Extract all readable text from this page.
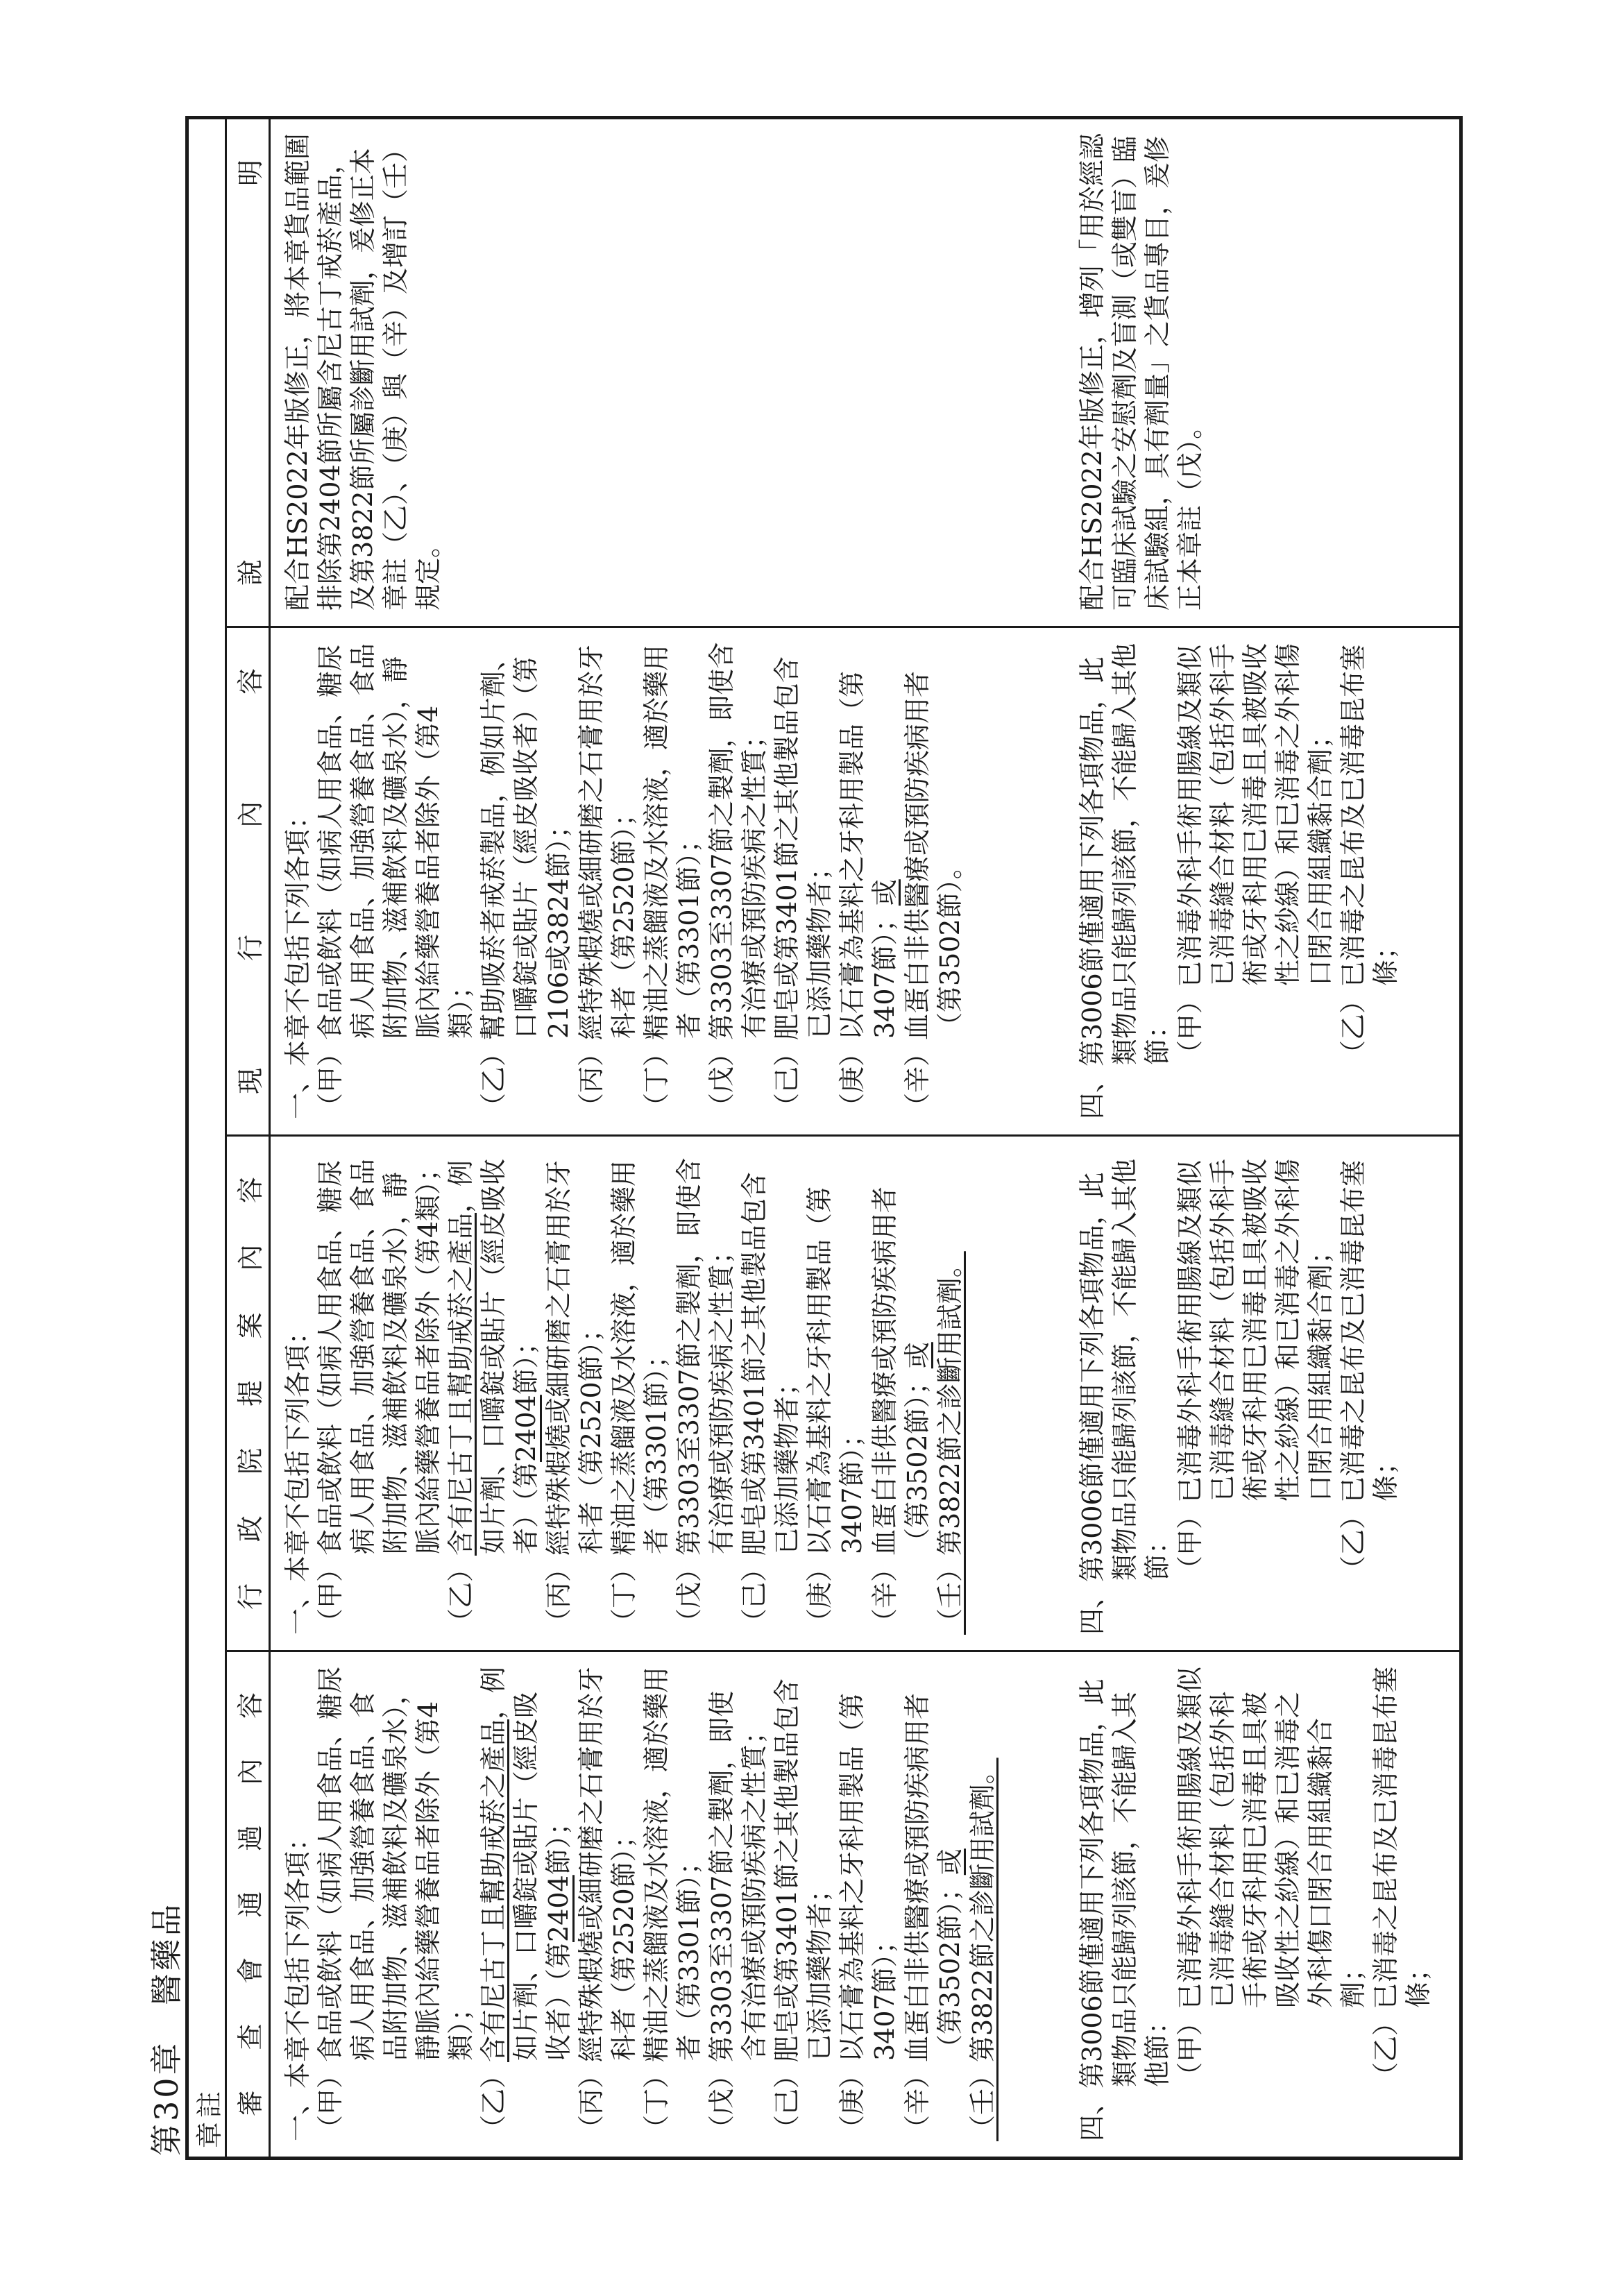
第30章　醫藥品 章註 審
查
會
通
過
內
容
行
政
院
提
案
內
容
現
行
內
容
說
明
一、本章不包括下列各項：
（甲）食品或飲料（如病人用食品、糖尿病人用食品、加強營養食品、食品附加物、滋補飲料及礦泉水），靜脈內給藥營養品者除外（第4類）；
（乙）含有尼古丁且幫助戒菸之產品，例如片劑、口嚼錠或貼片（經皮吸收者）（第2404節）；
（丙）經特殊煆燒或細研磨之石膏用於牙科者（第2520節）；
（丁）精油之蒸餾液及水溶液，適於藥用者（第3301節）；
（戊）第3303至3307節之製劑，即使含有治療或預防疾病之性質；
（己）肥皂或第3401節之其他製品包含已添加藥物者；
（庚）以石膏為基料之牙科用製品（第3407節）；
（辛）血蛋白非供醫療或預防疾病用者（第3502節）；或
（壬）第3822節之診斷用試劑。
四、第3006節僅適用下列各項物品，此類物品只能歸列該節，不能歸入其他節： （甲）已消毒外科手術用腸線及類似已消毒縫合材料（包括外科手術或牙科用已消毒且具被吸收性之紗線）和已消毒之外科傷口閉合用組織黏合劑；
（乙）已消毒之昆布及已消毒昆布塞條；
一、本章不包括下列各項：
（甲）食品或飲料（如病人用食品、糖尿病人用食品、加強營養食品、食品附加物、滋補飲料及礦泉水），靜脈內給藥營養品者除外（第4類）；
（乙）含有尼古丁且幫助戒菸之產品，例如片劑、口嚼錠或貼片（經皮吸收者）（第2404節）；
（丙）經特殊煆燒或細研磨之石膏用於牙科者（第2520節）；
（丁）精油之蒸餾液及水溶液，適於藥用者（第3301節）；
（戊）第3303至3307節之製劑，即使含有治療或預防疾病之性質；
（己）肥皂或第3401節之其他製品包含已添加藥物者；
（庚）以石膏為基料之牙科用製品（第3407節）；
（辛）血蛋白非供醫療或預防疾病用者（第3502節）；或
（壬）第3822節之診斷用試劑。
四、第3006節僅適用下列各項物品，此類物品只能歸列該節，不能歸入其他節： （甲）已消毒外科手術用腸線及類似已消毒縫合材料（包括外科手術或牙科用已消毒且具被吸收性之紗線）和已消毒之外科傷口閉合用組織黏合劑；
（乙）已消毒之昆布及已消毒昆布塞條；
一、本章不包括下列各項：
（甲）食品或飲料（如病人用食品、糖尿病人用食品、加強營養食品、食品附加物、滋補飲料及礦泉水），靜脈內給藥營養品者除外（第4類）；
（乙）幫助吸菸者戒菸製品，例如片劑、口嚼錠或貼片（經皮吸收者）（第2106或3824節）；
（丙）經特殊煆燒或細研磨之石膏用於牙科者（第2520節）；
（丁）精油之蒸餾液及水溶液，適於藥用者（第3301節）；
（戊）第3303至3307節之製劑，即使含有治療或預防疾病之性質；
（己）肥皂或第3401節之其他製品包含已添加藥物者；
（庚）以石膏為基料之牙科用製品（第3407節）；或
（辛）血蛋白非供醫療或預防疾病用者（第3502節）。
四、第3006節僅適用下列各項物品，此類物品只能歸列該節，不能歸入其他節： （甲）已消毒外科手術用腸線及類似已消毒縫合材料（包括外科手術或牙科用已消毒且具被吸收性之紗線）和已消毒之外科傷口閉合用組織黏合劑；
（乙）已消毒之昆布及已消毒昆布塞條；
配合HS2022年版修正，將本章貨品範圍排除第2404節所屬含尼古丁戒菸產品，及第3822節所屬診斷用試劑，爰修正本章註（乙）、（庚）與（辛）及增訂（壬）規定。	配合HS2022年版修正，增列「用於經認可臨床試驗之安慰劑及盲測（或雙盲）臨床試驗組，具有劑量」之貨品專目，爰修正本章註（戊）。
